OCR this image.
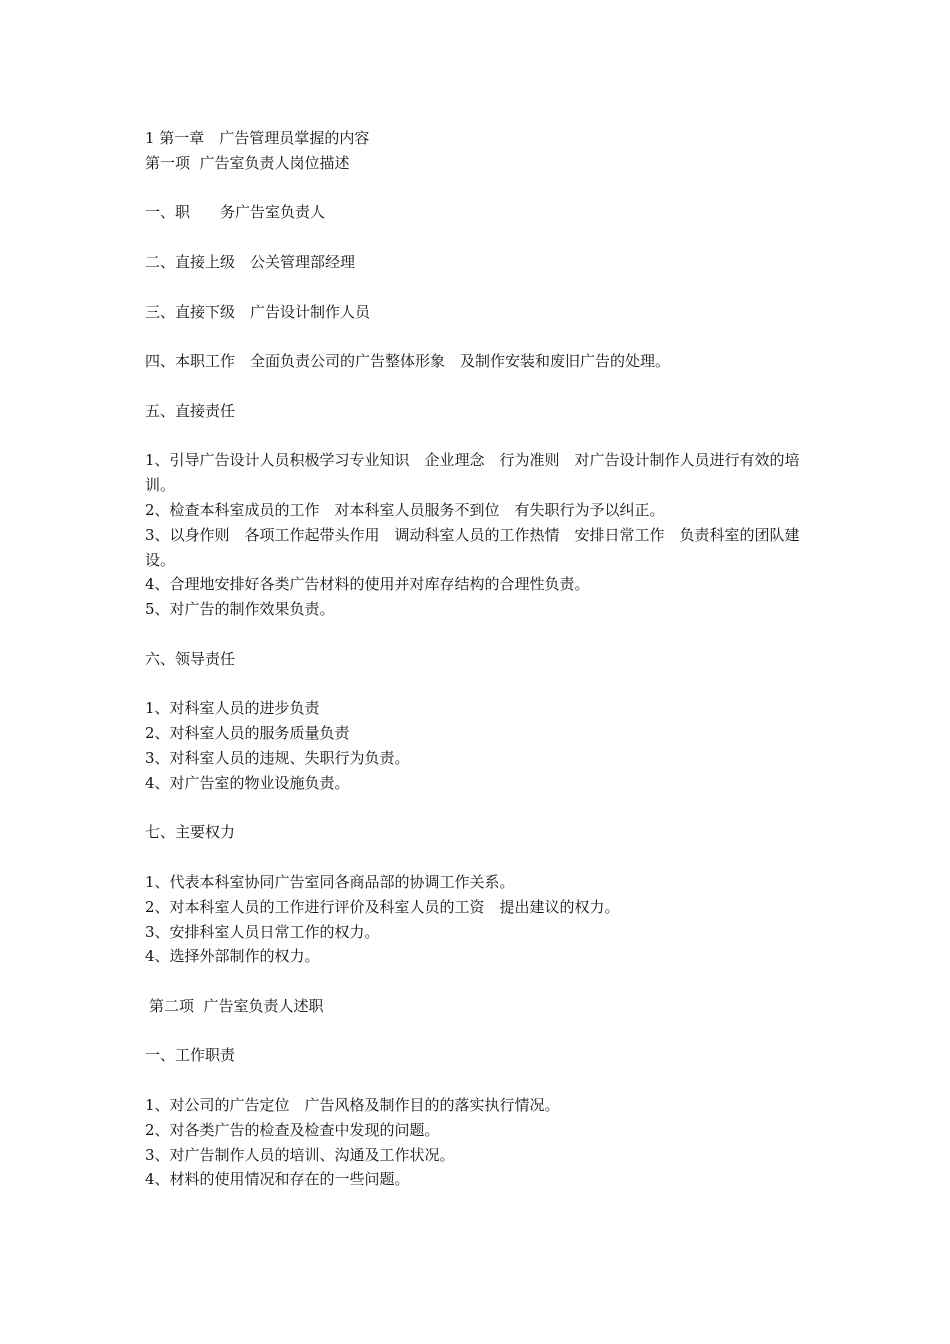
1 第一章　广告管理员掌握的内容
第一项  广告室负责人岗位描述
一、职　　务广告室负责人
二、直接上级　公关管理部经理
三、直接下级　广告设计制作人员
四、本职工作　全面负责公司的广告整体形象　及制作安装和废旧广告的处理。
五、直接责任
1、引导广告设计人员积极学习专业知识　企业理念　行为准则　对广告设计制作人员进行有效的培训。
2、检查本科室成员的工作　对本科室人员服务不到位　有失职行为予以纠正。
3、以身作则　各项工作起带头作用　调动科室人员的工作热情　安排日常工作　负责科室的团队建设。
4、合理地安排好各类广告材料的使用并对库存结构的合理性负责。
5、对广告的制作效果负责。
六、领导责任
1、对科室人员的进步负责
2、对科室人员的服务质量负责
3、对科室人员的违规、失职行为负责。
4、对广告室的物业设施负责。
七、主要权力
1、代表本科室协同广告室同各商品部的协调工作关系。
2、对本科室人员的工作进行评价及科室人员的工资　提出建议的权力。
3、安排科室人员日常工作的权力。
4、选择外部制作的权力。
第二项  广告室负责人述职
一、工作职责
1、对公司的广告定位　广告风格及制作目的的落实执行情况。
2、对各类广告的检查及检查中发现的问题。
3、对广告制作人员的培训、沟通及工作状况。
4、材料的使用情况和存在的一些问题。
